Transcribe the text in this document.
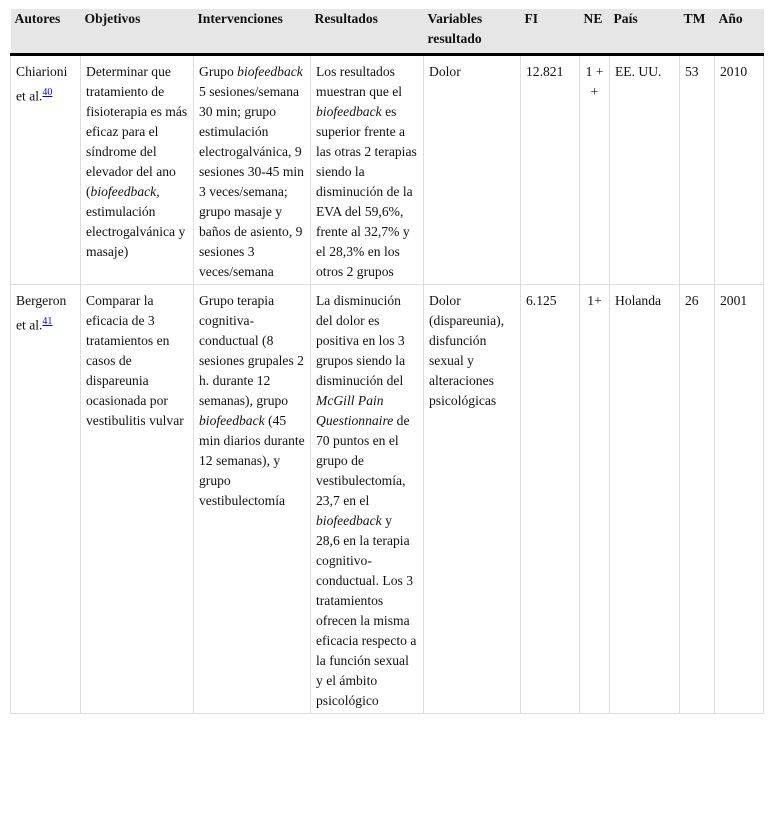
Autores	Objetivos	Intervenciones	Resultados	Variables resultado	FI	NE	País	TM	Año
Chiarioni et al.$^{40}$	Determinar que tratamiento de fisioterapia es más eficaz para el síndrome del elevador del ano (biofeedback, estimulación electrogalvánica y masaje)	Grupo biofeedback 5 sesiones/semana 30 min; grupo estimulación electrogalvánica, 9 sesiones 30-45 min 3 veces/semana; grupo masaje y baños de asiento, 9 sesiones 3 veces/semana	Los resultados muestran que el biofeedback es superior frente a las otras 2 terapias siendo la disminución de la EVA del 59,6%, frente al 32,7% y el 28,3% en los otros 2 grupos	Dolor	12.821	1 + +	EE. UU.	53	2010
Bergeron et al.$^{41}$	Comparar la eficacia de 3 tratamientos en casos de dispareunia ocasionada por vestibulitis vulvar	Grupo terapia cognitiva-conductual (8 sesiones grupales 2 h. durante 12 semanas), grupo biofeedback (45 min diarios durante 12 semanas), y grupo vestibulectomía	La disminución del dolor es positiva en los 3 grupos siendo la disminución del McGill Pain Questionnaire de 70 puntos en el grupo de vestibulectomía, 23,7 en el biofeedback y 28,6 en la terapia cognitivo-conductual. Los 3 tratamientos ofrecen la misma eficacia respecto a la función sexual y el ámbito psicológico	Dolor (dispareunia), disfunción sexual y alteraciones psicológicas	6.125	1+	Holanda	26	2001
